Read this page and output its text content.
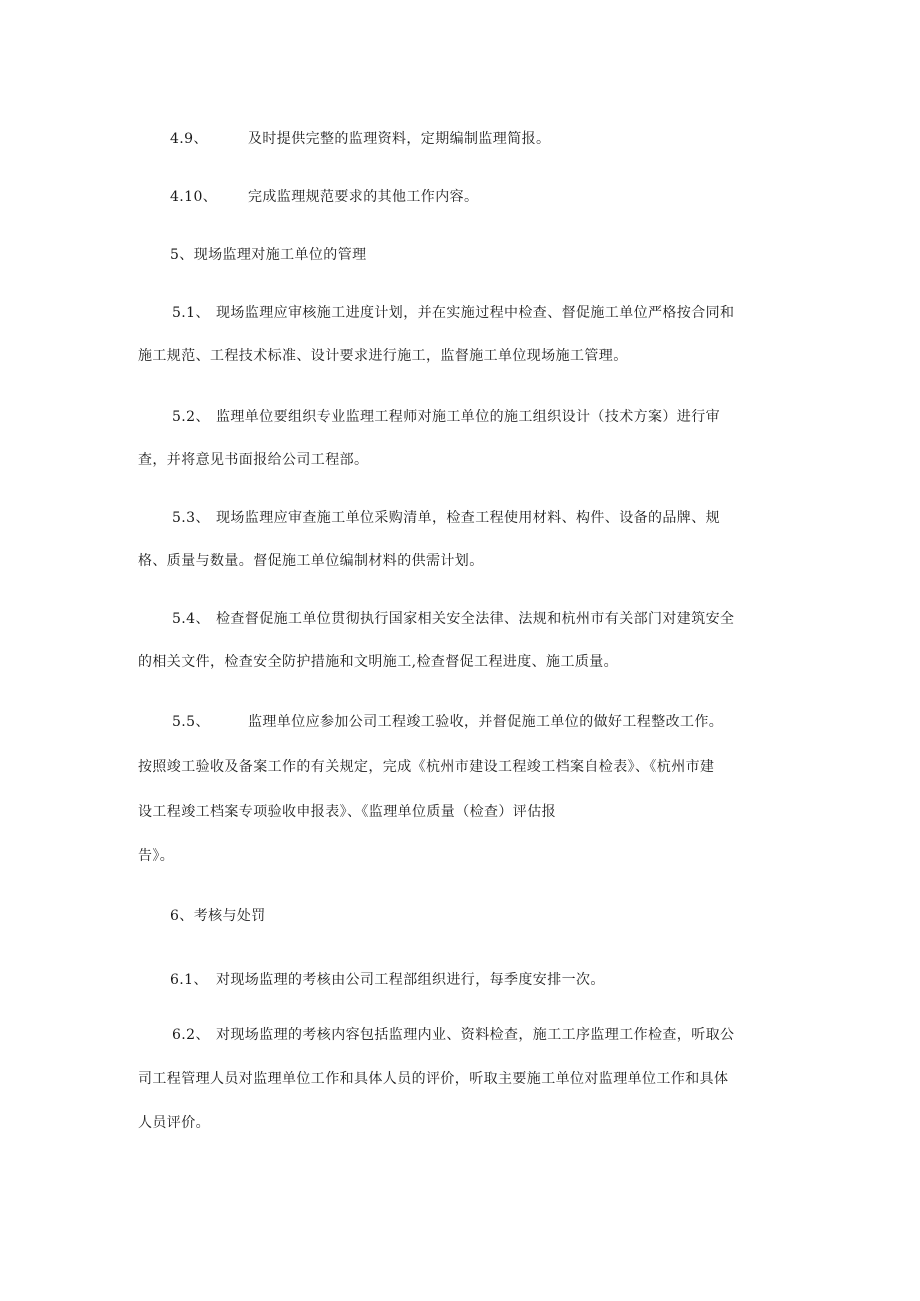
4.9、	及时提供完整的监理资料，定期编制监理简报。
4.10、 完成监理规范要求的其他工作内容。
5、现场监理对施工单位的管理
5.1、 现场监理应审核施工进度计划，并在实施过程中检查、督促施工单位严格按合同和
施工规范、工程技术标准、设计要求进行施工，监督施工单位现场施工管理。
5.2、 监理单位要组织专业监理工程师对施工单位的施工组织设计（技术方案）进行审
查，并将意见书面报给公司工程部。
5.3、 现场监理应审查施工单位采购清单，检查工程使用材料、构件、设备的品牌、规
格、质量与数量。督促施工单位编制材料的供需计划。
5.4、 检查督促施工单位贯彻执行国家相关安全法律、法规和杭州市有关部门对建筑安全
的相关文件，检查安全防护措施和文明施工,检查督促工程进度、施工质量。
5.5、	监理单位应参加公司工程竣工验收，并督促施工单位的做好工程整改工作。
按照竣工验收及备案工作的有关规定，完成《杭州市建设工程竣工档案自检表》、《杭州市建
设工程竣工档案专项验收申报表》、《监理单位质量（检查）评估报
告》。
6、考核与处罚
6.1、 对现场监理的考核由公司工程部组织进行，每季度安排一次。
6.2、 对现场监理的考核内容包括监理内业、资料检查，施工工序监理工作检查，听取公
司工程管理人员对监理单位工作和具体人员的评价，听取主要施工单位对监理单位工作和具体
人员评价。
